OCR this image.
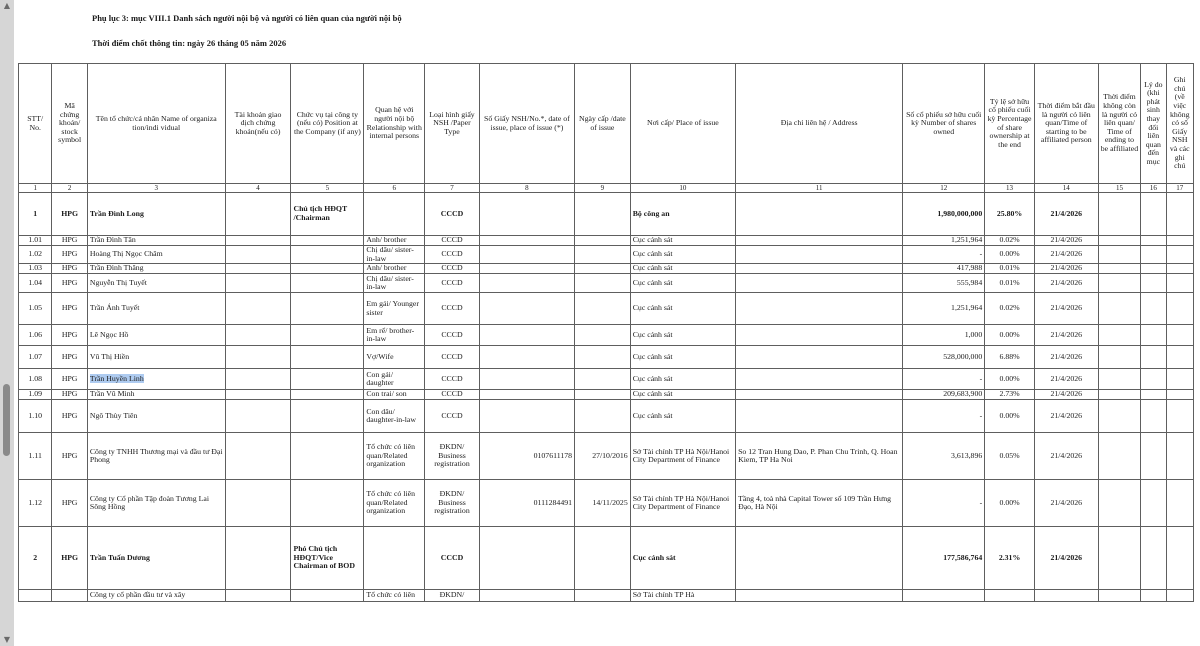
▲
▼
Phụ lục 3: mục VIII.1 Danh sách người nội bộ và người có liên quan của người nội bộ
Thời điểm chốt thông tin: ngày 26 tháng 05 năm 2026
STT/ No.	Mã chứng khoán/ stock symbol	Tên tổ chức/cá nhân Name of organiza tion/indi vidual	Tài khoản giao dịch chứng khoán(nếu có)	Chức vụ tại công ty (nếu có) Position at the Company (if any)	Quan hệ với người nội bộ Relationship with internal persons	Loại hình giấy NSH /Paper Type	Số Giấy NSH/No.*, date of issue, place of issue (*)	Ngày cấp /date of issue	Nơi cấp/ Place of issue	Địa chỉ liên hệ / Address	Số cổ phiếu sở hữu cuối kỳ Number of shares owned	Tỷ lệ sở hữu cổ phiếu cuối kỳ Percentage of share ownership at the end	Thời điểm bắt đầu là người có liên quan/Time of starting to be affiliated person	Thời điểm không còn là người có liên quan/ Time of ending to be affiliated	Lý do (khi phát sinh thay đổi liên quan đến mục	Ghi chú (về việc không có số Giấy NSH và các ghi chú
1	2	3	4	5	6	7	8	9	10	11	12	13	14	15	16	17
1	HPG	Trần Đình Long		Chủ tịch HĐQT /Chairman		CCCD			Bộ công an		1,980,000,000	25.80%	21/4/2026			
1.01	HPG	Trần Đình Tân			Anh/ brother	CCCD			Cục cảnh sát		1,251,964	0.02%	21/4/2026			
1.02	HPG	Hoàng Thị Ngọc Châm			Chị dâu/ sister-in-law	CCCD			Cục cảnh sát		-	0.00%	21/4/2026			
1.03	HPG	Trần Đình Thăng			Anh/ brother	CCCD			Cục cảnh sát		417,988	0.01%	21/4/2026			
1.04	HPG	Nguyễn Thị Tuyết			Chị dâu/ sister-in-law	CCCD			Cục cảnh sát		555,984	0.01%	21/4/2026			
1.05	HPG	Trần Ánh Tuyết			Em gái/ Younger sister	CCCD			Cục cảnh sát		1,251,964	0.02%	21/4/2026			
1.06	HPG	Lê Ngọc Hồ			Em rể/ brother-in-law	CCCD			Cục cảnh sát		1,000	0.00%	21/4/2026			
1.07	HPG	Vũ Thị Hiền			Vợ/Wife	CCCD			Cục cảnh sát		528,000,000	6.88%	21/4/2026			
1.08	HPG	Trần Huyền Linh			Con gái/ daughter	CCCD			Cục cảnh sát		-	0.00%	21/4/2026			
1.09	HPG	Trần Vũ Minh			Con trai/ son	CCCD			Cục cảnh sát		209,683,900	2.73%	21/4/2026			
1.10	HPG	Ngô Thùy Tiên			Con dâu/ daughter-in-law	CCCD			Cục cảnh sát		-	0.00%	21/4/2026			
1.11	HPG	Công ty TNHH Thương mại và đầu tư Đại Phong			Tổ chức có liên quan/Related organization	ĐKDN/ Business registration	0107611178	27/10/2016	Sở Tài chính TP Hà Nội/Hanoi City Department of Finance	So 12 Tran Hung Dao, P. Phan Chu Trinh, Q. Hoan Kiem, TP Ha Noi	3,613,896	0.05%	21/4/2026			
1.12	HPG	Công ty Cổ phần Tập đoàn Tương Lai Sông Hồng			Tổ chức có liên quan/Related organization	ĐKDN/ Business registration	0111284491	14/11/2025	Sở Tài chính TP Hà Nội/Hanoi City Department of Finance	Tầng 4, toà nhà Capital Tower số 109 Trần Hưng Đạo, Hà Nội	-	0.00%	21/4/2026			
2	HPG	Trần Tuấn Dương		Phó Chủ tịch HĐQT/Vice Chairman of BOD		CCCD			Cục cảnh sát		177,586,764	2.31%	21/4/2026			
		Công ty cổ phần đầu tư và xây			Tổ chức có liên	ĐKDN/			Sở Tài chính TP Hà							
